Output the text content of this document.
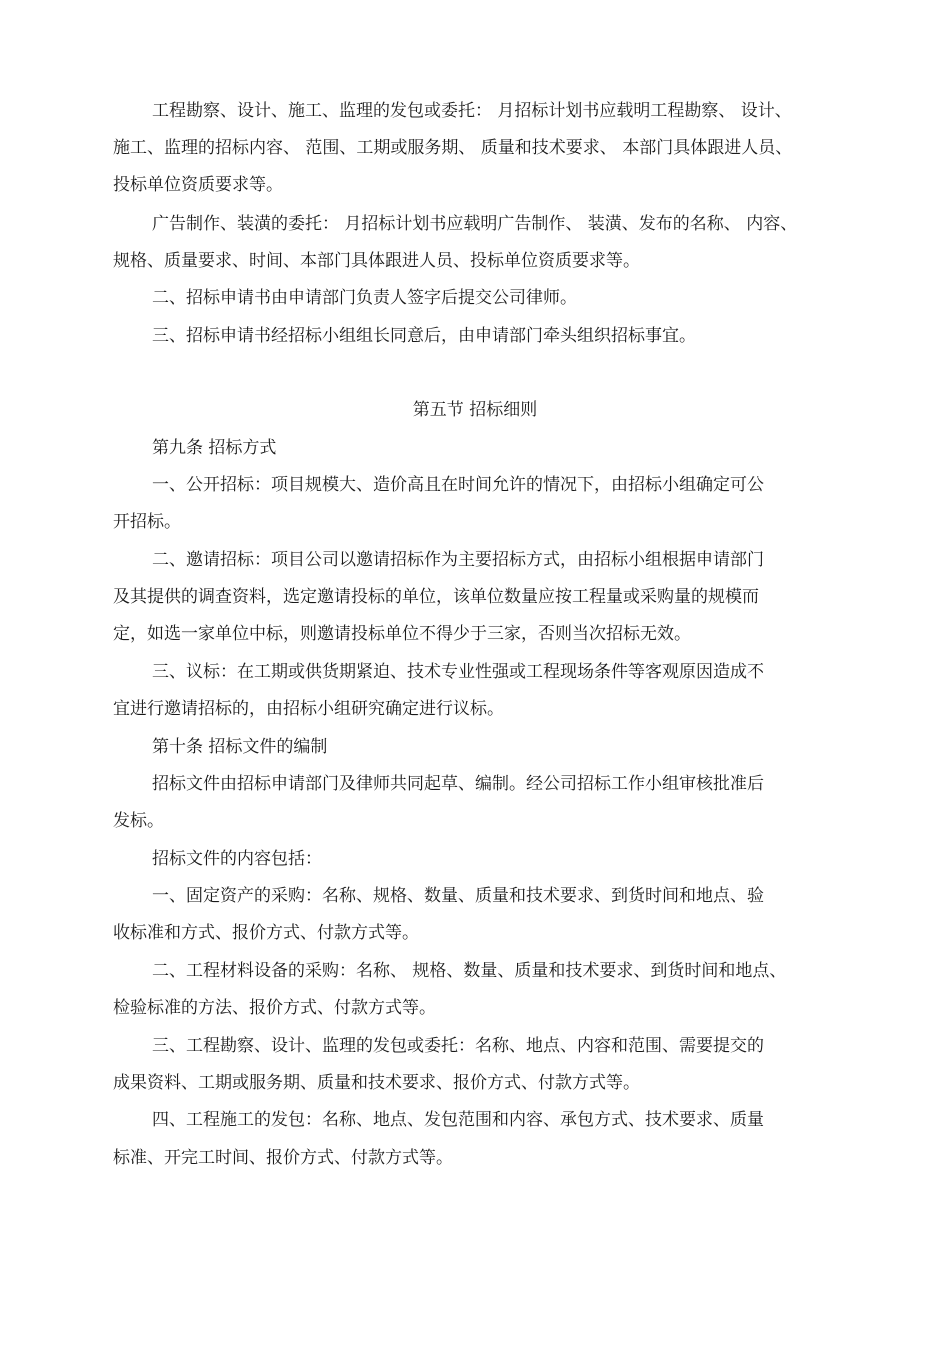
工程勘察、设计、施工、监理的发包或委托： 月招标计划书应载明工程勘察、 设计、
施工、监理的招标内容、 范围、工期或服务期、 质量和技术要求、 本部门具体跟进人员、
投标单位资质要求等。
广告制作、装潢的委托： 月招标计划书应载明广告制作、 装潢、发布的名称、 内容、
规格、质量要求、时间、本部门具体跟进人员、投标单位资质要求等。
二、招标申请书由申请部门负责人签字后提交公司律师。
三、招标申请书经招标小组组长同意后，由申请部门牵头组织招标事宜。
第五节 招标细则
第九条 招标方式
一、公开招标：项目规模大、造价高且在时间允许的情况下，由招标小组确定可公
开招标。
二、邀请招标：项目公司以邀请招标作为主要招标方式，由招标小组根据申请部门
及其提供的调查资料，选定邀请投标的单位，该单位数量应按工程量或采购量的规模而
定，如选一家单位中标，则邀请投标单位不得少于三家，否则当次招标无效。
三、议标：在工期或供货期紧迫、技术专业性强或工程现场条件等客观原因造成不
宜进行邀请招标的，由招标小组研究确定进行议标。
第十条 招标文件的编制
招标文件由招标申请部门及律师共同起草、编制。经公司招标工作小组审核批准后
发标。
招标文件的内容包括：
一、固定资产的采购：名称、规格、数量、质量和技术要求、到货时间和地点、验
收标准和方式、报价方式、付款方式等。
二、工程材料设备的采购：名称、 规格、数量、质量和技术要求、到货时间和地点、
检验标准的方法、报价方式、付款方式等。
三、工程勘察、设计、监理的发包或委托：名称、地点、内容和范围、需要提交的
成果资料、工期或服务期、质量和技术要求、报价方式、付款方式等。
四、工程施工的发包：名称、地点、发包范围和内容、承包方式、技术要求、质量
标准、开完工时间、报价方式、付款方式等。
